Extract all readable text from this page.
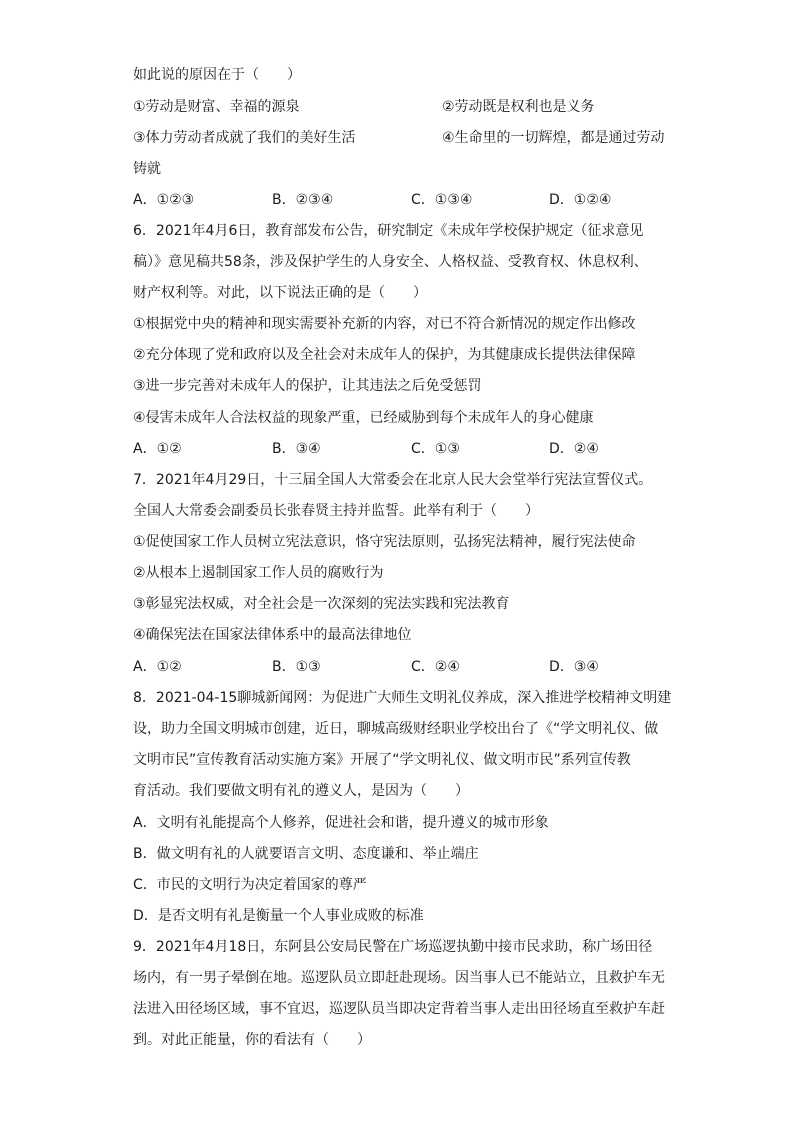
如此说的原因在于（　　）

①劳动是财富、幸福的源泉	②劳动既是权利也是义务

③体力劳动者成就了我们的美好生活	④生命里的一切辉煌，都是通过劳动

铸就

A．①②③	B．②③④	C．①③④	D．①②④

6．2021年4月6日，教育部发布公告，研究制定《未成年学校保护规定（征求意见

稿）》意见稿共58条，涉及保护学生的人身安全、人格权益、受教育权、休息权利、

财产权利等。对此，以下说法正确的是（　　）

①根据党中央的精神和现实需要补充新的内容，对已不符合新情况的规定作出修改

②充分体现了党和政府以及全社会对未成年人的保护，为其健康成长提供法律保障

③进一步完善对未成年人的保护，让其违法之后免受惩罚

④侵害未成年人合法权益的现象严重，已经威胁到每个未成年人的身心健康

A．①②	B．③④	C．①③	D．②④

7．2021年4月29日，十三届全国人大常委会在北京人民大会堂举行宪法宣誓仪式。

全国人大常委会副委员长张春贤主持并监誓。此举有利于（　　）

①促使国家工作人员树立宪法意识，恪守宪法原则，弘扬宪法精神，履行宪法使命

②从根本上遏制国家工作人员的腐败行为

③彰显宪法权威，对全社会是一次深刻的宪法实践和宪法教育

④确保宪法在国家法律体系中的最高法律地位

A．①②	B．①③	C．②④	D．③④

8．2021-04-15聊城新闻网：为促进广大师生文明礼仪养成，深入推进学校精神文明建

设，助力全国文明城市创建，近日，聊城高级财经职业学校出台了《“学文明礼仪、做

文明市民”宣传教育活动实施方案》开展了“学文明礼仪、做文明市民”系列宣传教

育活动。我们要做文明有礼的遵义人，是因为（　　）

A．文明有礼能提高个人修养，促进社会和谐，提升遵义的城市形象

B．做文明有礼的人就要语言文明、态度谦和、举止端庄

C．市民的文明行为决定着国家的尊严

D．是否文明有礼是衡量一个人事业成败的标准

9．2021年4月18日，东阿县公安局民警在广场巡逻执勤中接市民求助，称广场田径

场内，有一男子晕倒在地。巡逻队员立即赶赴现场。因当事人已不能站立，且救护车无

法进入田径场区域，事不宜迟，巡逻队员当即决定背着当事人走出田径场直至救护车赶

到。对此正能量，你的看法有（　　）
